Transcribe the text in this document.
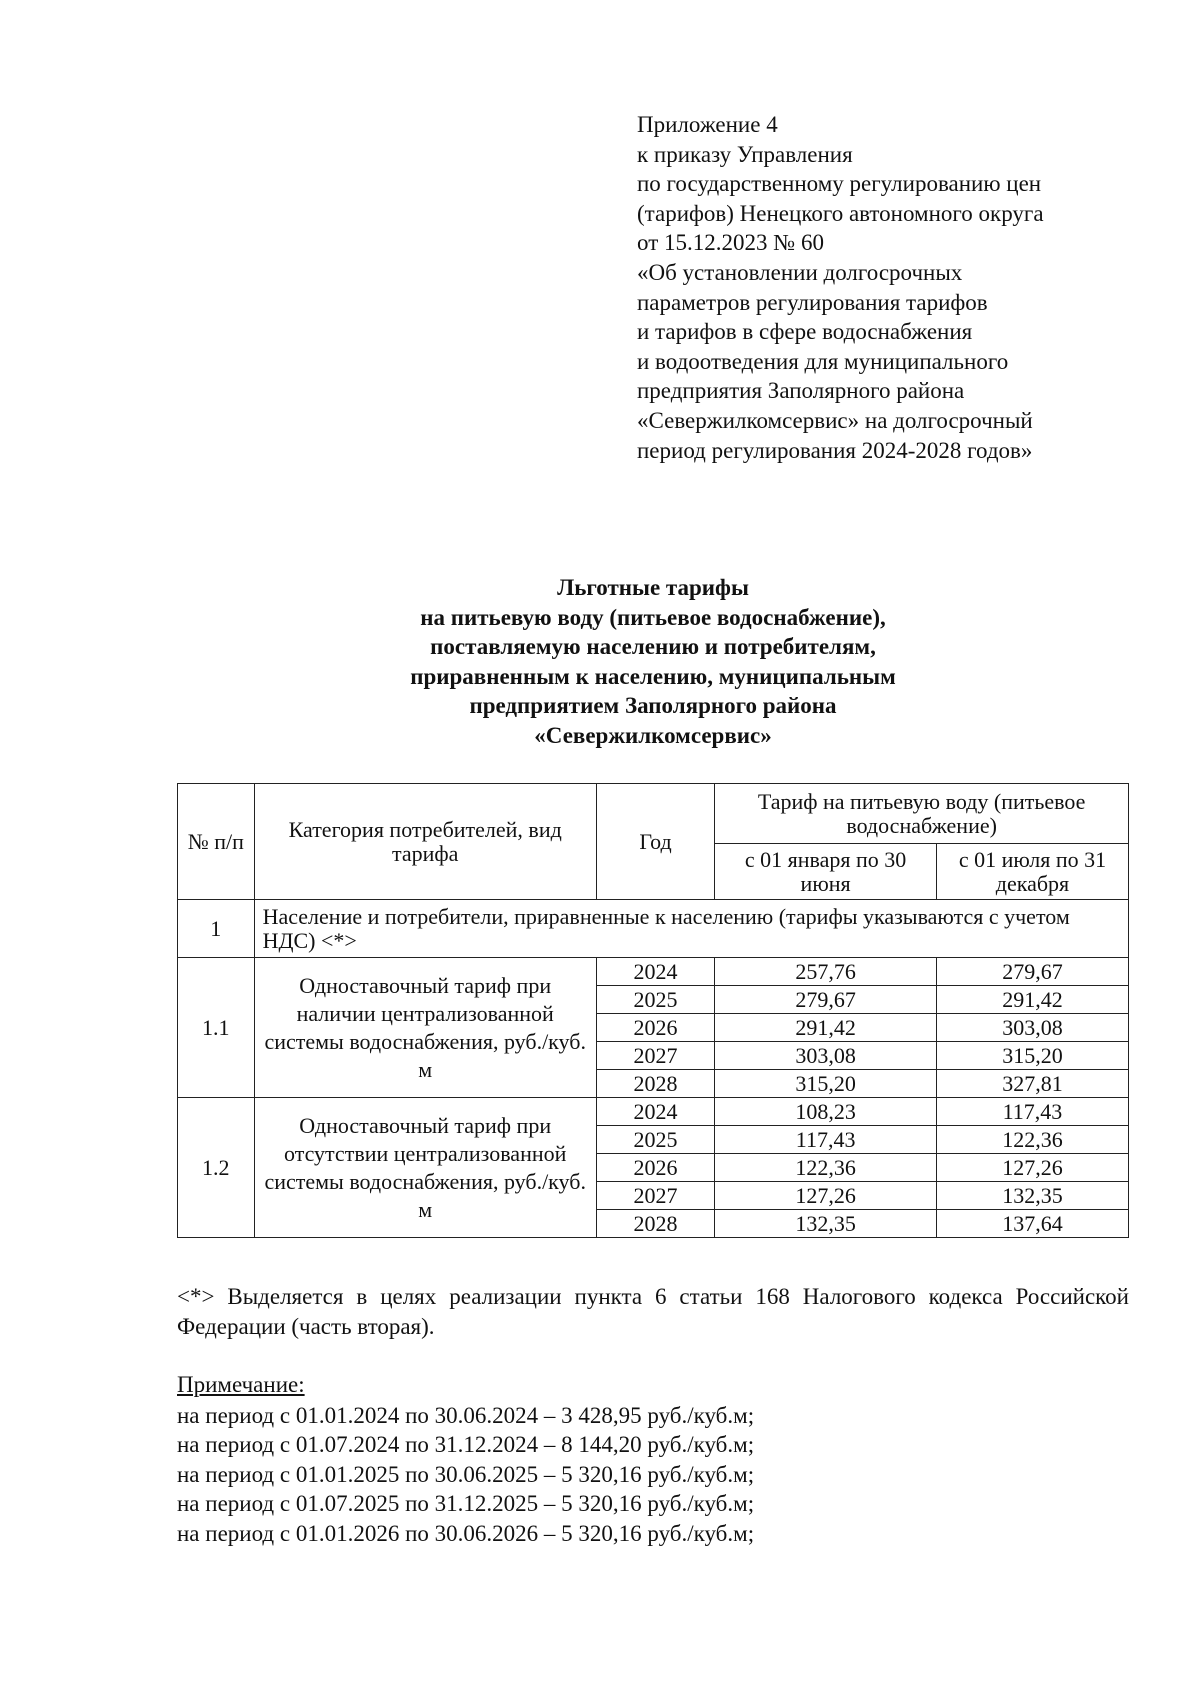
Приложение 4
к приказу Управления
по государственному регулированию цен
(тарифов) Ненецкого автономного округа
от 15.12.2023 № 60
«Об установлении долгосрочных
параметров регулирования тарифов
и тарифов в сфере водоснабжения
и водоотведения для муниципального
предприятия Заполярного района
«Севержилкомсервис» на долгосрочный
период регулирования 2024-2028 годов»
Льготные тарифы
на питьевую воду (питьевое водоснабжение),
поставляемую населению и потребителям,
приравненным к населению, муниципальным
предприятием Заполярного района
«Севержилкомсервис»
№ п/п	Категория потребителей, вид тарифа	Год	Тариф на питьевую воду (питьевое водоснабжение)	
			с 01 января по 30 июня	с 01 июля по 31 декабря
1	Население и потребители, приравненные к населению (тарифы указываются с учетом НДС) <*>			
1.1	Одноставочный тариф при наличии централизованной системы водоснабжения, руб./куб. м	2024	257,76	279,67
		2025	279,67	291,42
		2026	291,42	303,08
		2027	303,08	315,20
		2028	315,20	327,81
1.2	Одноставочный тариф при отсутствии централизованной системы водоснабжения, руб./куб. м	2024	108,23	117,43
		2025	117,43	122,36
		2026	122,36	127,26
		2027	127,26	132,35
		2028	132,35	137,64
<*> Выделяется в целях реализации пункта 6 статьи 168 Налогового кодекса Российской Федерации (часть вторая).
Примечание:
на период с 01.01.2024 по 30.06.2024 – 3 428,95 руб./куб.м;
на период с 01.07.2024 по 31.12.2024 – 8 144,20 руб./куб.м;
на период с 01.01.2025 по 30.06.2025 – 5 320,16 руб./куб.м;
на период с 01.07.2025 по 31.12.2025 – 5 320,16 руб./куб.м;
на период с 01.01.2026 по 30.06.2026 – 5 320,16 руб./куб.м;
